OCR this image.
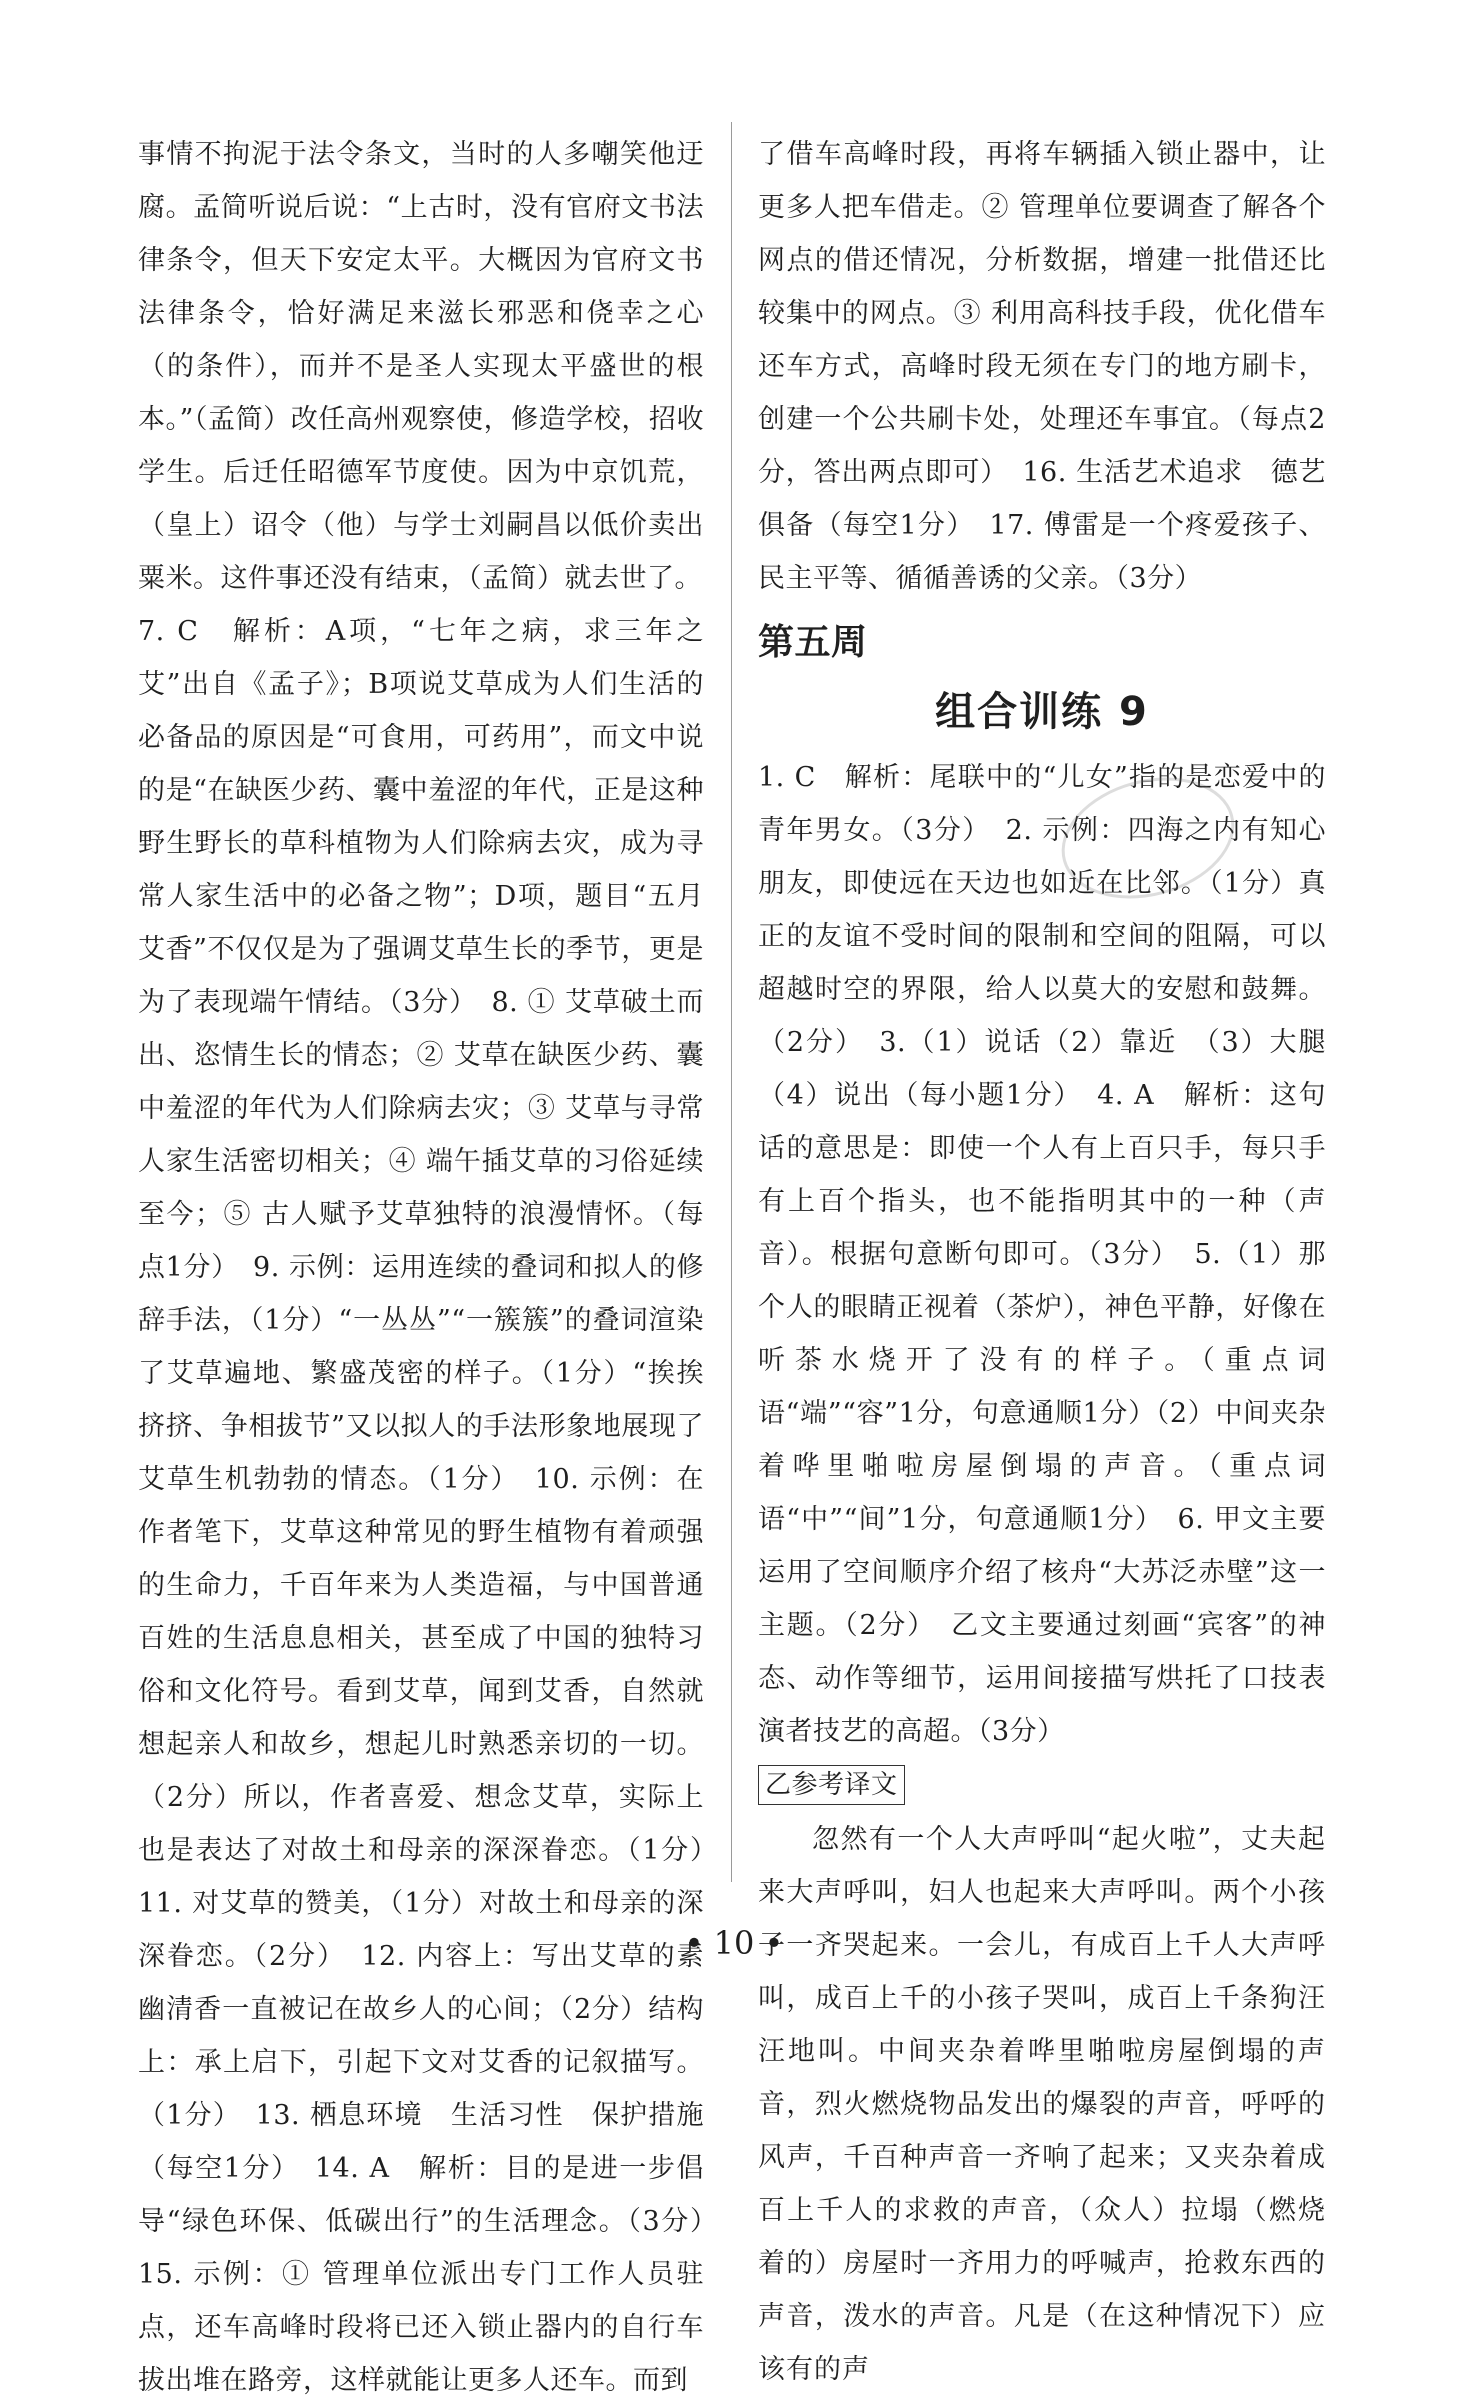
事情不拘泥于法令条文，当时的人多嘲笑他迂腐。孟简听说后说：“上古时，没有官府文书法律条令，但天下安定太平。大概因为官府文书法律条令，恰好满足来滋长邪恶和侥幸之心（的条件），而并不是圣人实现太平盛世的根本。”（孟简）改任高州观察使，修造学校，招收学生。后迁任昭德军节度使。因为中京饥荒，（皇上）诏令（他）与学士刘嗣昌以低价卖出粟米。这件事还没有结束，（孟简）就去世了。

7. C　解析：A项，“七年之病，求三年之艾”出自《孟子》；B项说艾草成为人们生活的必备品的原因是“可食用，可药用”，而文中说的是“在缺医少药、囊中羞涩的年代，正是这种野生野长的草科植物为人们除病去灾，成为寻常人家生活中的必备之物”；D项，题目“五月艾香”不仅仅是为了强调艾草生长的季节，更是为了表现端午情结。（3分）　8. ① 艾草破土而出、恣情生长的情态；② 艾草在缺医少药、囊中羞涩的年代为人们除病去灾；③ 艾草与寻常人家生活密切相关；④ 端午插艾草的习俗延续至今；⑤ 古人赋予艾草独特的浪漫情怀。（每点1分）　9. 示例：运用连续的叠词和拟人的修辞手法，（1分）“一丛丛”“一簇簇”的叠词渲染了艾草遍地、繁盛茂密的样子。（1分）“挨挨挤挤、争相拔节”又以拟人的手法形象地展现了艾草生机勃勃的情态。（1分）　10. 示例：在作者笔下，艾草这种常见的野生植物有着顽强的生命力，千百年来为人类造福，与中国普通百姓的生活息息相关，甚至成了中国的独特习俗和文化符号。看到艾草，闻到艾香，自然就想起亲人和故乡，想起儿时熟悉亲切的一切。（2分）所以，作者喜爱、想念艾草，实际上也是表达了对故土和母亲的深深眷恋。（1分）　11. 对艾草的赞美，（1分）对故土和母亲的深深眷恋。（2分）　12. 内容上：写出艾草的素幽清香一直被记在故乡人的心间；（2分）结构上：承上启下，引起下文对艾香的记叙描写。（1分）　13. 栖息环境　生活习性　保护措施（每空1分）　14. A　解析：目的是进一步倡导“绿色环保、低碳出行”的生活理念。（3分）　15. 示例：① 管理单位派出专门工作人员驻点，还车高峰时段将已还入锁止器内的自行车拔出堆在路旁，这样就能让更多人还车。而到

了借车高峰时段，再将车辆插入锁止器中，让更多人把车借走。② 管理单位要调查了解各个网点的借还情况，分析数据，增建一批借还比较集中的网点。③ 利用高科技手段，优化借车还车方式，高峰时段无须在专门的地方刷卡，创建一个公共刷卡处，处理还车事宜。（每点2分，答出两点即可）　16. 生活艺术追求　德艺俱备（每空1分）　17. 傅雷是一个疼爱孩子、民主平等、循循善诱的父亲。（3分）

第五周
组合训练 9

1. C　解析：尾联中的“儿女”指的是恋爱中的青年男女。（3分）　2. 示例：四海之内有知心朋友，即使远在天边也如近在比邻。（1分）真正的友谊不受时间的限制和空间的阻隔，可以超越时空的界限，给人以莫大的安慰和鼓舞。（2分）　3.（1）说话（2）靠近　（3）大腿　（4）说出（每小题1分）　4. A　解析：这句话的意思是：即使一个人有上百只手，每只手有上百个指头，也不能指明其中的一种（声音）。根据句意断句即可。（3分）　5.（1）那个人的眼睛正视着（茶炉），神色平静，好像在听茶水烧开了没有的样子。（重点词语“端”“容”1分，句意通顺1分）（2）中间夹杂着哗里啪啦房屋倒塌的声音。（重点词语“中”“间”1分，句意通顺1分）　6. 甲文主要运用了空间顺序介绍了核舟“大苏泛赤壁”这一主题。（2分）　乙文主要通过刻画“宾客”的神态、动作等细节，运用间接描写烘托了口技表演者技艺的高超。（3分）

乙参考译文

忽然有一个人大声呼叫“起火啦”，丈夫起来大声呼叫，妇人也起来大声呼叫。两个小孩子一齐哭起来。一会儿，有成百上千人大声呼叫，成百上千的小孩子哭叫，成百上千条狗汪汪地叫。中间夹杂着哗里啪啦房屋倒塌的声音，烈火燃烧物品发出的爆裂的声音，呼呼的风声，千百种声音一齐响了起来；又夹杂着成百上千人的求救的声音，（众人）拉塌（燃烧着的）房屋时一齐用力的呼喊声，抢救东西的声音，泼水的声音。凡是（在这种情况下）应该有的声

• 10 •
